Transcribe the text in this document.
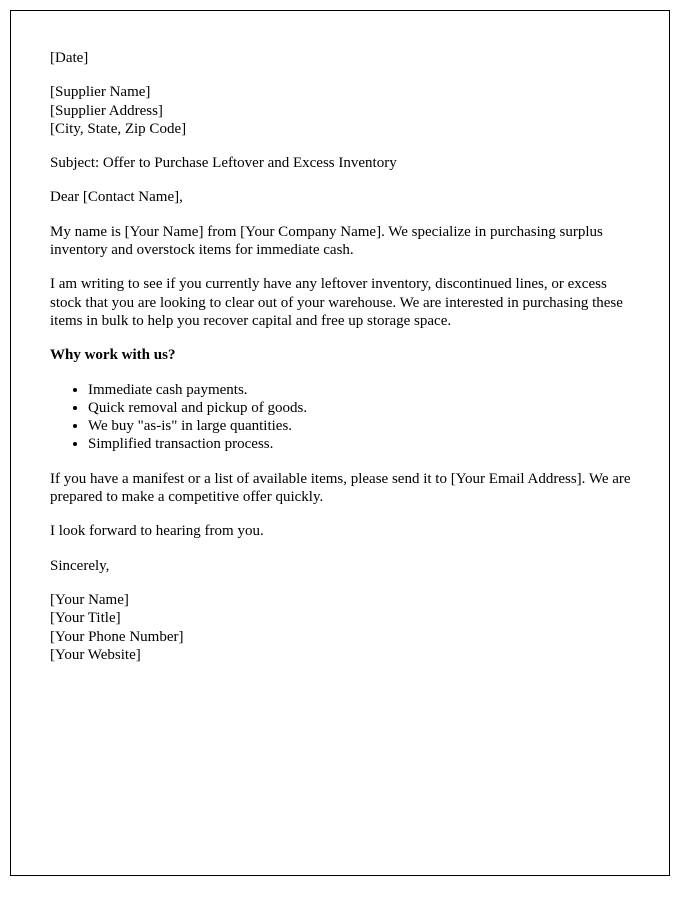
[Date]

[Supplier Name]

[Supplier Address]

[City, State, Zip Code]

Subject: Offer to Purchase Leftover and Excess Inventory

Dear [Contact Name],

My name is [Your Name] from [Your Company Name]. We specialize in purchasing surplus inventory and overstock items for immediate cash.

I am writing to see if you currently have any leftover inventory, discontinued lines, or excess stock that you are looking to clear out of your warehouse. We are interested in purchasing these items in bulk to help you recover capital and free up storage space.

Why work with us?

• Immediate cash payments.
• Quick removal and pickup of goods.
• We buy "as-is" in large quantities.
• Simplified transaction process.

If you have a manifest or a list of available items, please send it to [Your Email Address]. We are prepared to make a competitive offer quickly.

I look forward to hearing from you.

Sincerely,

[Your Name]

[Your Title]

[Your Phone Number]

[Your Website]
